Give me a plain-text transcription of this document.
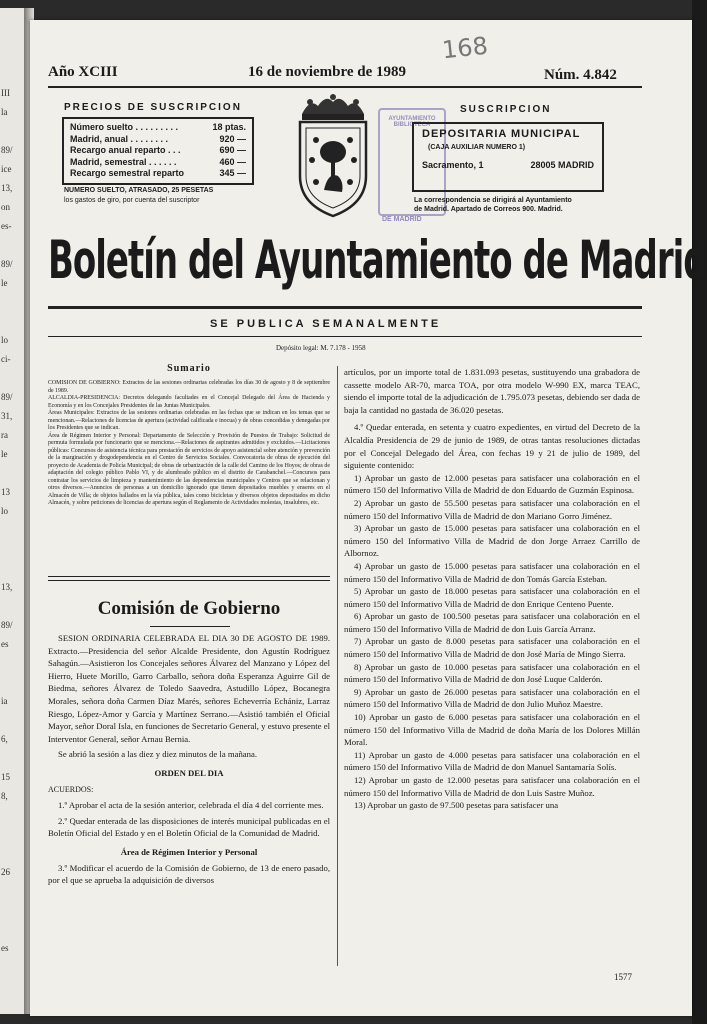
III
la
89/
ice
13,
on
es-
89/
le
lo
ci-
89/
31,
ra
le
13
lo
13,
89/
es
ia
6,
15
8,
26
es
Año XCIII	16 de noviembre de 1989	Núm. 4.842
168
PRECIOS DE SUSCRIPCION
Número suelto . . . . . . . . .	18 ptas.
Madrid, anual . . . . . . . .	920 —
Recargo anual reparto . . .	690 —
Madrid, semestral . . . . . .	460 —
Recargo semestral reparto	345 —
NUMERO SUELTO, ATRASADO, 25 PESETAS
los gastos de giro, por cuenta del suscriptor
AYUNTAMIENTO
BIBLIOTECA
DE MADRID
SUSCRIPCION
DEPOSITARIA MUNICIPAL
(CAJA AUXILIAR NUMERO 1)
Sacramento, 1	28005 MADRID
La correspondencia se dirigirá al Ayuntamiento
de Madrid. Apartado de Correos 900. Madrid.
Boletín del Ayuntamiento de Madrid
SE PUBLICA SEMANALMENTE
Depósito legal: M. 7.178 - 1958
Sumario

COMISION DE GOBIERNO: Extractos de las sesiones ordinarias celebradas los días 30 de agosto y 8 de septiembre de 1989.

ALCALDIA-PRESIDENCIA: Decretos delegando facultades en el Concejal Delegado del Área de Hacienda y Economía y en los Concejales Presidentes de las Juntas Municipales.

Áreas Municipales: Extractos de las sesiones ordinarias celebradas en las fechas que se indican en los temas que se mencionan.—Relaciones de licencias de apertura (actividad calificada e inocua) y de obras concedidas y denegadas por los Presidentes que se indican.

Área de Régimen Interior y Personal: Departamento de Selección y Provisión de Puestos de Trabajo: Solicitud de permuta formulada por funcionario que se menciona.—Relaciones de aspirantes admitidos y excluidos.—Licitaciones públicas: Concursos de asistencia técnica para prestación de servicios de apoyo asistencial sobre atención y prevención de la marginación y drogodependencia en el Centro de Servicios Sociales. Convocatoria de obras de ejecución del proyecto de Academia de Policía Municipal; de obras de urbanización de la calle del Camino de los Hoyos; de obras de adaptación del colegio público Pablo VI, y de alumbrado público en el distrito de Carabanchel.—Concursos para contratar los servicios de limpieza y mantenimiento de las dependencias municipales y Centros que se relacionan y otros diversos.—Anuncios de personas a un domicilio ignorado que tienen depositados muebles y enseres en el Almacén de Villa; de objetos hallados en la vía pública, tales como bicicletas y diversos objetos depositados en dicho Almacén, y sobre peticiones de licencias de apertura según el Reglamento de Actividades molestas, insalubres, etc.

Comisión de Gobierno

SESION ORDINARIA CELEBRADA EL DIA 30 DE AGOSTO DE 1989. Extracto.—Presidencia del señor Alcalde Presidente, don Agustín Rodríguez Sahagún.—Asistieron los Concejales señores Álvarez del Manzano y López del Hierro, Huete Morillo, Garro Carballo, señora doña Esperanza Aguirre Gil de Biedma, señores Álvarez de Toledo Saavedra, Astudillo López, Bocanegra Morales, señora doña Carmen Díaz Marés, señores Echeverría Echániz, Larraz Riesgo, López-Amor y García y Martínez Serrano.—Asistió también el Oficial Mayor, señor Doral Isla, en funciones de Secretario General, y estuvo presente el Interventor General, señor Arnau Bernia.

Se abrió la sesión a las diez y diez minutos de la mañana.

ORDEN DEL DIA

ACUERDOS:

1.º Aprobar el acta de la sesión anterior, celebrada el día 4 del corriente mes.

2.º Quedar enterada de las disposiciones de interés municipal publicadas en el Boletín Oficial del Estado y en el Boletín Oficial de la Comunidad de Madrid.

Área de Régimen Interior y Personal

3.º Modificar el acuerdo de la Comisión de Gobierno, de 13 de enero pasado, por el que se aprueba la adquisición de diversos

artículos, por un importe total de 1.831.093 pesetas, sustituyendo una grabadora de cassette modelo AR-70, marca TOA, por otra modelo W-990 EX, marca TEAC, siendo el importe total de la adjudicación de 1.795.073 pesetas, debiendo ser dada de baja la cantidad no gastada de 36.020 pesetas.

4.º Quedar enterada, en setenta y cuatro expedientes, en virtud del Decreto de la Alcaldía Presidencia de 29 de junio de 1989, de otras tantas resoluciones dictadas por el Concejal Delegado del Área, con fechas 19 y 21 de julio de 1989, del siguiente contenido:

1) Aprobar un gasto de 12.000 pesetas para satisfacer una colaboración en el número 150 del Informativo Villa de Madrid de don Eduardo de Guzmán Espinosa.

2) Aprobar un gasto de 55.500 pesetas para satisfacer una colaboración en el número 150 del Informativo Villa de Madrid de don Mariano Gorro Jiménez.

3) Aprobar un gasto de 15.000 pesetas para satisfacer una colaboración en el número 150 del Informativo Villa de Madrid de don Jorge Arraez Carrillo de Albornoz.

4) Aprobar un gasto de 15.000 pesetas para satisfacer una colaboración en el número 150 del Informativo Villa de Madrid de don Tomás García Esteban.

5) Aprobar un gasto de 18.000 pesetas para satisfacer una colaboración en el número 150 del Informativo Villa de Madrid de don Enrique Centeno Puente.

6) Aprobar un gasto de 100.500 pesetas para satisfacer una colaboración en el número 150 del Informativo Villa de Madrid de don Luis García Arranz.

7) Aprobar un gasto de 8.000 pesetas para satisfacer una colaboración en el número 150 del Informativo Villa de Madrid de don José María de Mingo Sierra.

8) Aprobar un gasto de 10.000 pesetas para satisfacer una colaboración en el número 150 del Informativo Villa de Madrid de don José Luque Calderón.

9) Aprobar un gasto de 26.000 pesetas para satisfacer una colaboración en el número 150 del Informativo Villa de Madrid de don Julio Muñoz Maestre.

10) Aprobar un gasto de 6.000 pesetas para satisfacer una colaboración en el número 150 del Informativo Villa de Madrid de doña María de los Dolores Millán Moral.

11) Aprobar un gasto de 4.000 pesetas para satisfacer una colaboración en el número 150 del Informativo Villa de Madrid de don Manuel Santamaría Solís.

12) Aprobar un gasto de 12.000 pesetas para satisfacer una colaboración en el número 150 del Informativo Villa de Madrid de don Luis Sastre Muñoz.

13) Aprobar un gasto de 97.500 pesetas para satisfacer una

1577
